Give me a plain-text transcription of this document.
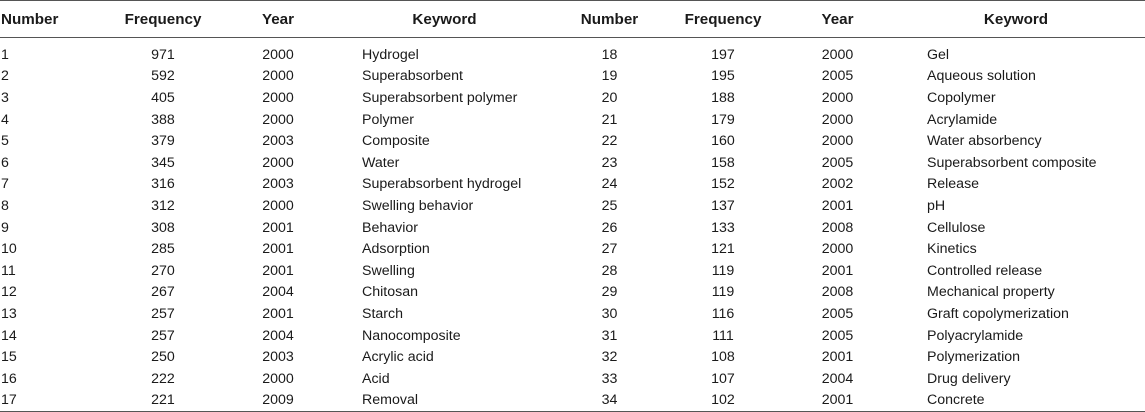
Number	Frequency	Year	Keyword	Number	Frequency	Year	Keyword
1	971	2000	Hydrogel	18	197	2000	Gel
2	592	2000	Superabsorbent	19	195	2005	Aqueous solution
3	405	2000	Superabsorbent polymer	20	188	2000	Copolymer
4	388	2000	Polymer	21	179	2000	Acrylamide
5	379	2003	Composite	22	160	2000	Water absorbency
6	345	2000	Water	23	158	2005	Superabsorbent composite
7	316	2003	Superabsorbent hydrogel	24	152	2002	Release
8	312	2000	Swelling behavior	25	137	2001	pH
9	308	2001	Behavior	26	133	2008	Cellulose
10	285	2001	Adsorption	27	121	2000	Kinetics
11	270	2001	Swelling	28	119	2001	Controlled release
12	267	2004	Chitosan	29	119	2008	Mechanical property
13	257	2001	Starch	30	116	2005	Graft copolymerization
14	257	2004	Nanocomposite	31	111	2005	Polyacrylamide
15	250	2003	Acrylic acid	32	108	2001	Polymerization
16	222	2000	Acid	33	107	2004	Drug delivery
17	221	2009	Removal	34	102	2001	Concrete
